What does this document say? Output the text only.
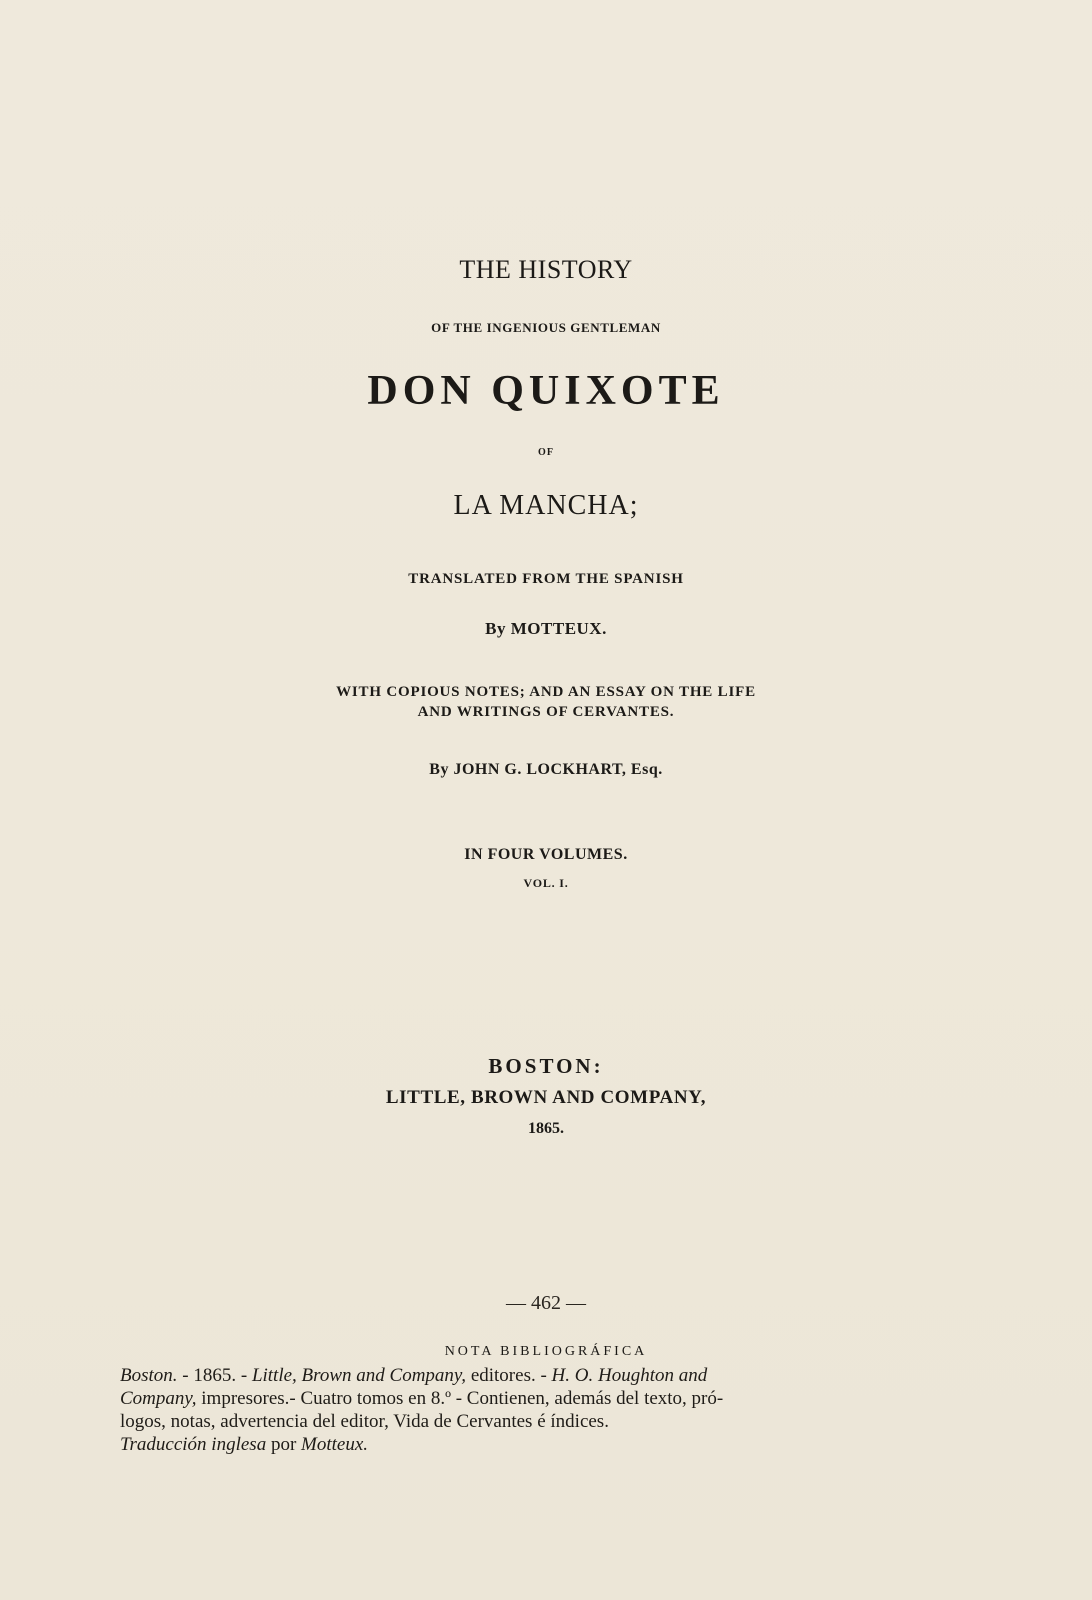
THE HISTORY
OF THE INGENIOUS GENTLEMAN
DON QUIXOTE
OF
LA MANCHA;
TRANSLATED FROM THE SPANISH
By MOTTEUX.
WITH COPIOUS NOTES; AND AN ESSAY ON THE LIFE
AND WRITINGS OF CERVANTES.
By JOHN G. LOCKHART, Esq.
IN FOUR VOLUMES.
VOL. I.
BOSTON:
LITTLE, BROWN AND COMPANY,
1865.
— 462 —
NOTA BIBLIOGRÁFICA
Boston. - 1865. - Little, Brown and Company, editores. - H. O. Houghton and
Company, impresores.- Cuatro tomos en 8.º - Contienen, además del texto, pró-
logos, notas, advertencia del editor, Vida de Cervantes é índices.
Traducción inglesa por Motteux.
